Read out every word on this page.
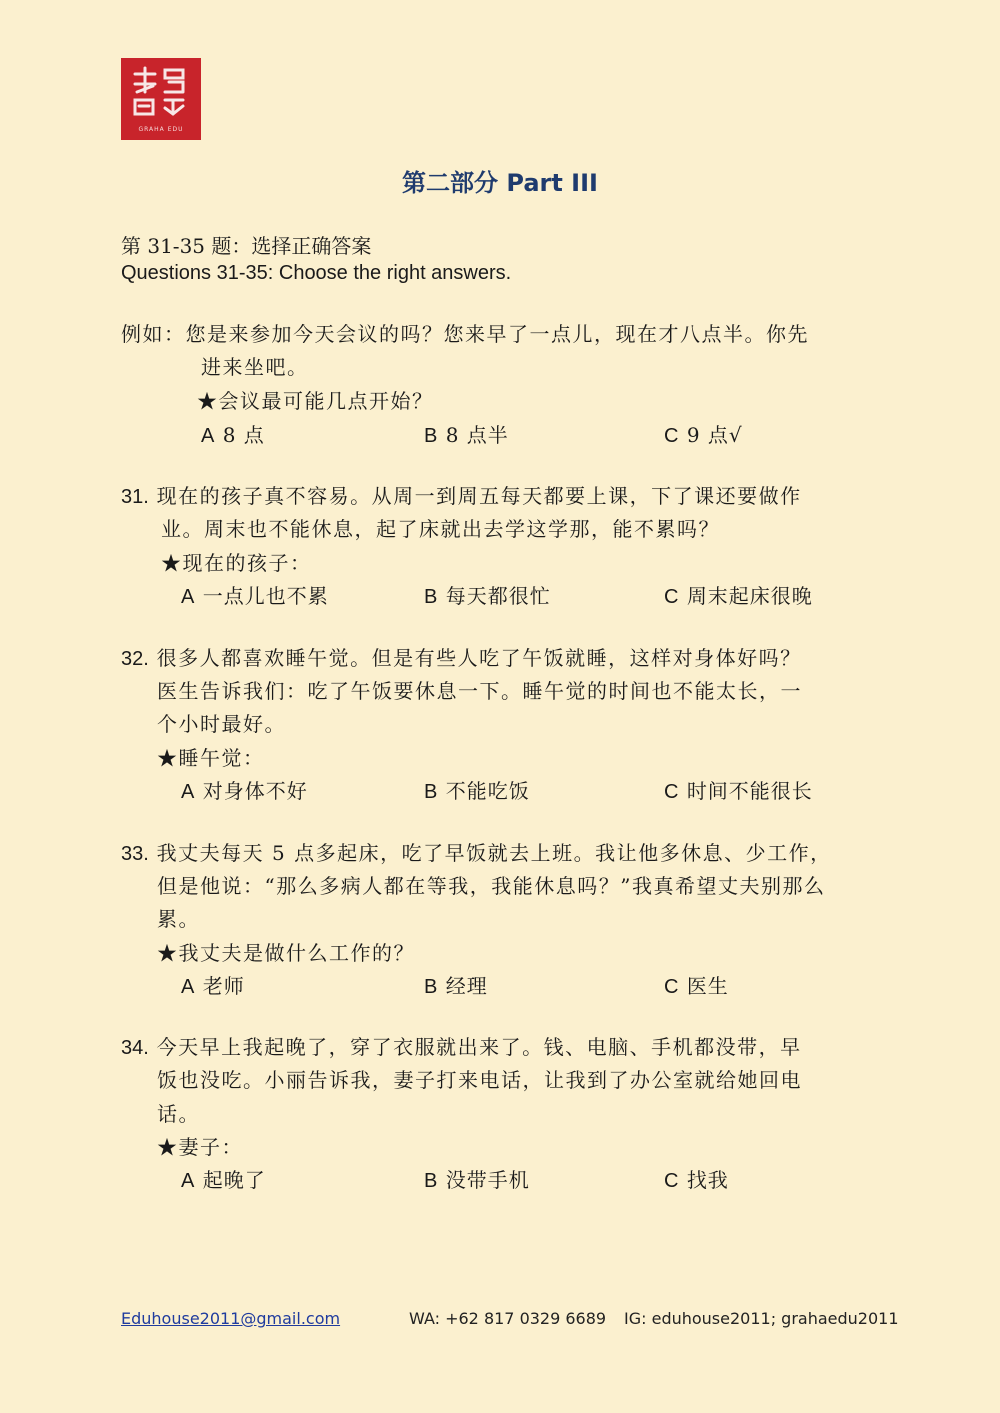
GRAHA EDU
第二部分 Part III
第 31-35 题：选择正确答案
Questions 31-35: Choose the right answers.
例如：您是来参加今天会议的吗？您来早了一点儿，现在才八点半。你先
进来坐吧。
★会议最可能几点开始？
A 8 点	B 8 点半	C 9 点√
31. 现在的孩子真不容易。从周一到周五每天都要上课，下了课还要做作
业。周末也不能休息，起了床就出去学这学那，能不累吗？
★现在的孩子：
A 一点儿也不累	B 每天都很忙	C 周末起床很晚
32. 很多人都喜欢睡午觉。但是有些人吃了午饭就睡，这样对身体好吗？
医生告诉我们：吃了午饭要休息一下。睡午觉的时间也不能太长，一
个小时最好。
★睡午觉：
A 对身体不好	B 不能吃饭	C 时间不能很长
33. 我丈夫每天 5 点多起床，吃了早饭就去上班。我让他多休息、少工作，
但是他说：“那么多病人都在等我，我能休息吗？”我真希望丈夫别那么
累。
★我丈夫是做什么工作的？
A 老师	B 经理	C 医生
34. 今天早上我起晚了，穿了衣服就出来了。钱、电脑、手机都没带，早
饭也没吃。小丽告诉我，妻子打来电话，让我到了办公室就给她回电
话。
★妻子：
A 起晚了	B 没带手机	C 找我
Eduhouse2011@gmail.com	WA: +62 817 0329 6689 IG: eduhouse2011; grahaedu2011
